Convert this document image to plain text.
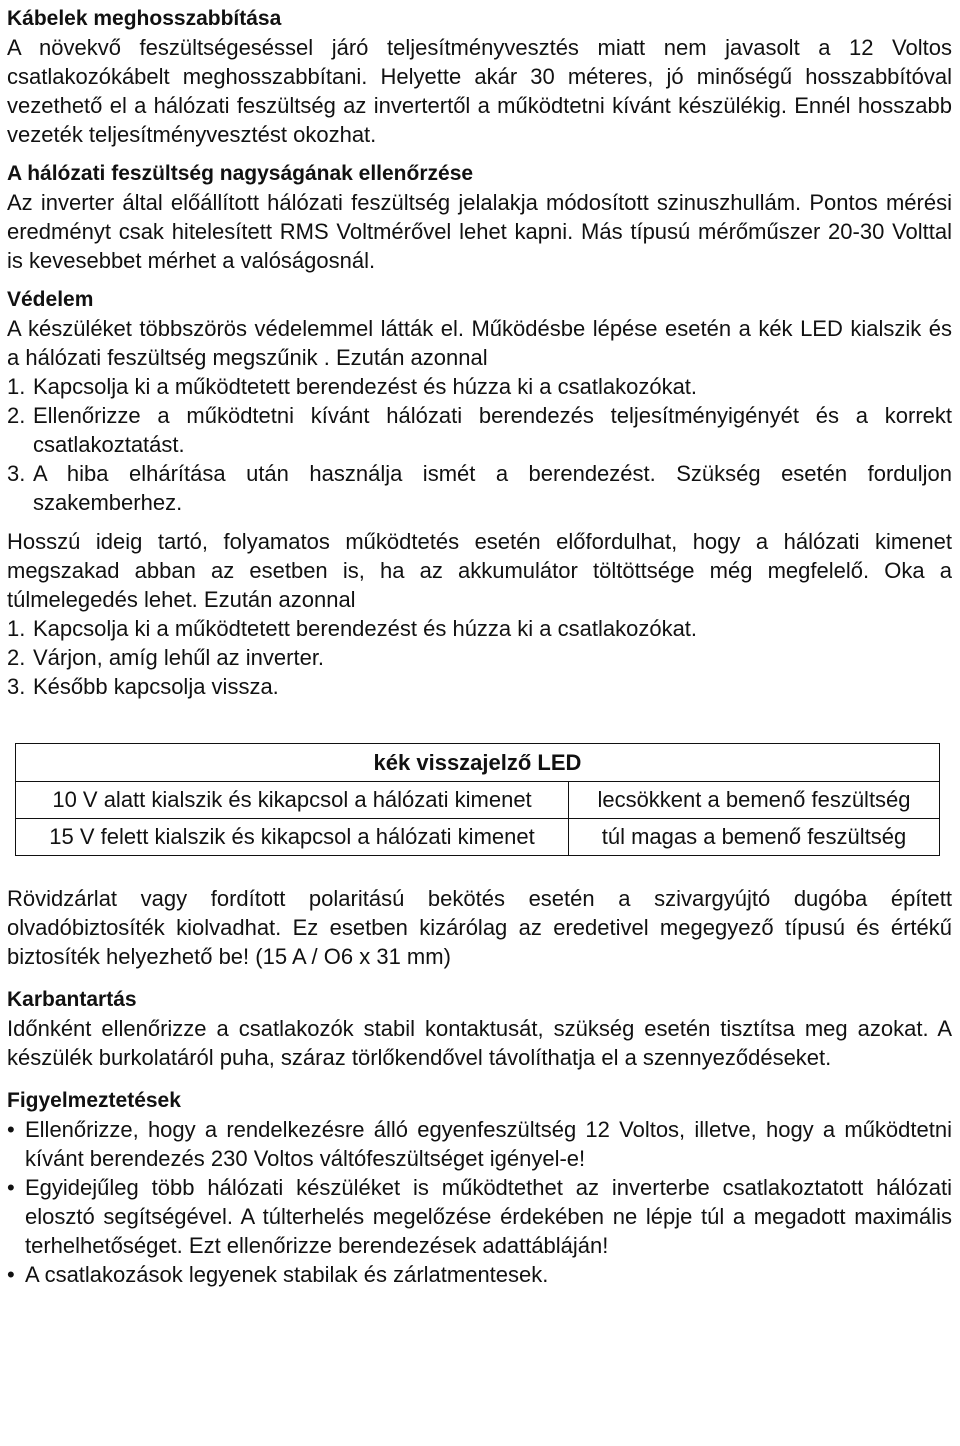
Kábelek meghosszabbítása

A növekvő feszültségeséssel járó teljesítményvesztés miatt nem javasolt a 12 Voltos csatlakozókábelt meghosszabbítani. Helyette akár 30 méteres, jó minőségű hosszabbítóval vezethető el a hálózati feszültség az invertertől a működtetni kívánt készülékig. Ennél hosszabb vezeték teljesítményvesztést okozhat.

A hálózati feszültség nagyságának ellenőrzése

Az inverter által előállított hálózati feszültség jelalakja módosított szinuszhullám. Pontos mérési eredményt csak hitelesített RMS Voltmérővel lehet kapni. Más típusú mérőműszer 20-30 Volttal is kevesebbet mérhet a valóságosnál.

Védelem

A készüléket többszörös védelemmel látták el. Működésbe lépése esetén a kék LED kialszik és a hálózati feszültség megszűnik . Ezután azonnal

1. Kapcsolja ki a működtetett berendezést és húzza ki a csatlakozókat.
2. Ellenőrizze a működtetni kívánt hálózati berendezés teljesítményigényét és a korrekt csatlakoztatást.
3. A hiba elhárítása után használja ismét a berendezést. Szükség esetén forduljon szakemberhez.

Hosszú ideig tartó, folyamatos működtetés esetén előfordulhat, hogy a hálózati kimenet megszakad abban az esetben is, ha az akkumulátor töltöttsége még megfelelő. Oka a túlmelegedés lehet. Ezután azonnal

1. Kapcsolja ki a működtetett berendezést és húzza ki a csatlakozókat.
2. Várjon, amíg lehűl az inverter.
3. Később kapcsolja vissza.
kék visszajelző LED	
10 V alatt kialszik és kikapcsol a hálózati kimenet	lecsökkent a bemenő feszültség
15 V felett kialszik és kikapcsol a hálózati kimenet	túl magas a bemenő feszültség

Rövidzárlat vagy fordított polaritású bekötés esetén a szivargyújtó dugóba épített olvadóbiztosíték kiolvadhat. Ez esetben kizárólag az eredetivel megegyező típusú és értékű biztosíték helyezhető be! (15 A / O6 x 31 mm)

Karbantartás

Időnként ellenőrizze a csatlakozók stabil kontaktusát, szükség esetén tisztítsa meg azokat. A készülék burkolatáról puha, száraz törlőkendővel távolíthatja el a szennyeződéseket.

Figyelmeztetések
• Ellenőrizze, hogy a rendelkezésre álló egyenfeszültség 12 Voltos, illetve, hogy a működtetni kívánt berendezés 230 Voltos váltófeszültséget igényel-e!
• Egyidejűleg több hálózati készüléket is működtethet az inverterbe csatlakoztatott hálózati elosztó segítségével. A túlterhelés megelőzése érdekében ne lépje túl a megadott maximális terhelhetőséget. Ezt ellenőrizze berendezések adattábláján!
• A csatlakozások legyenek stabilak és zárlatmentesek.
